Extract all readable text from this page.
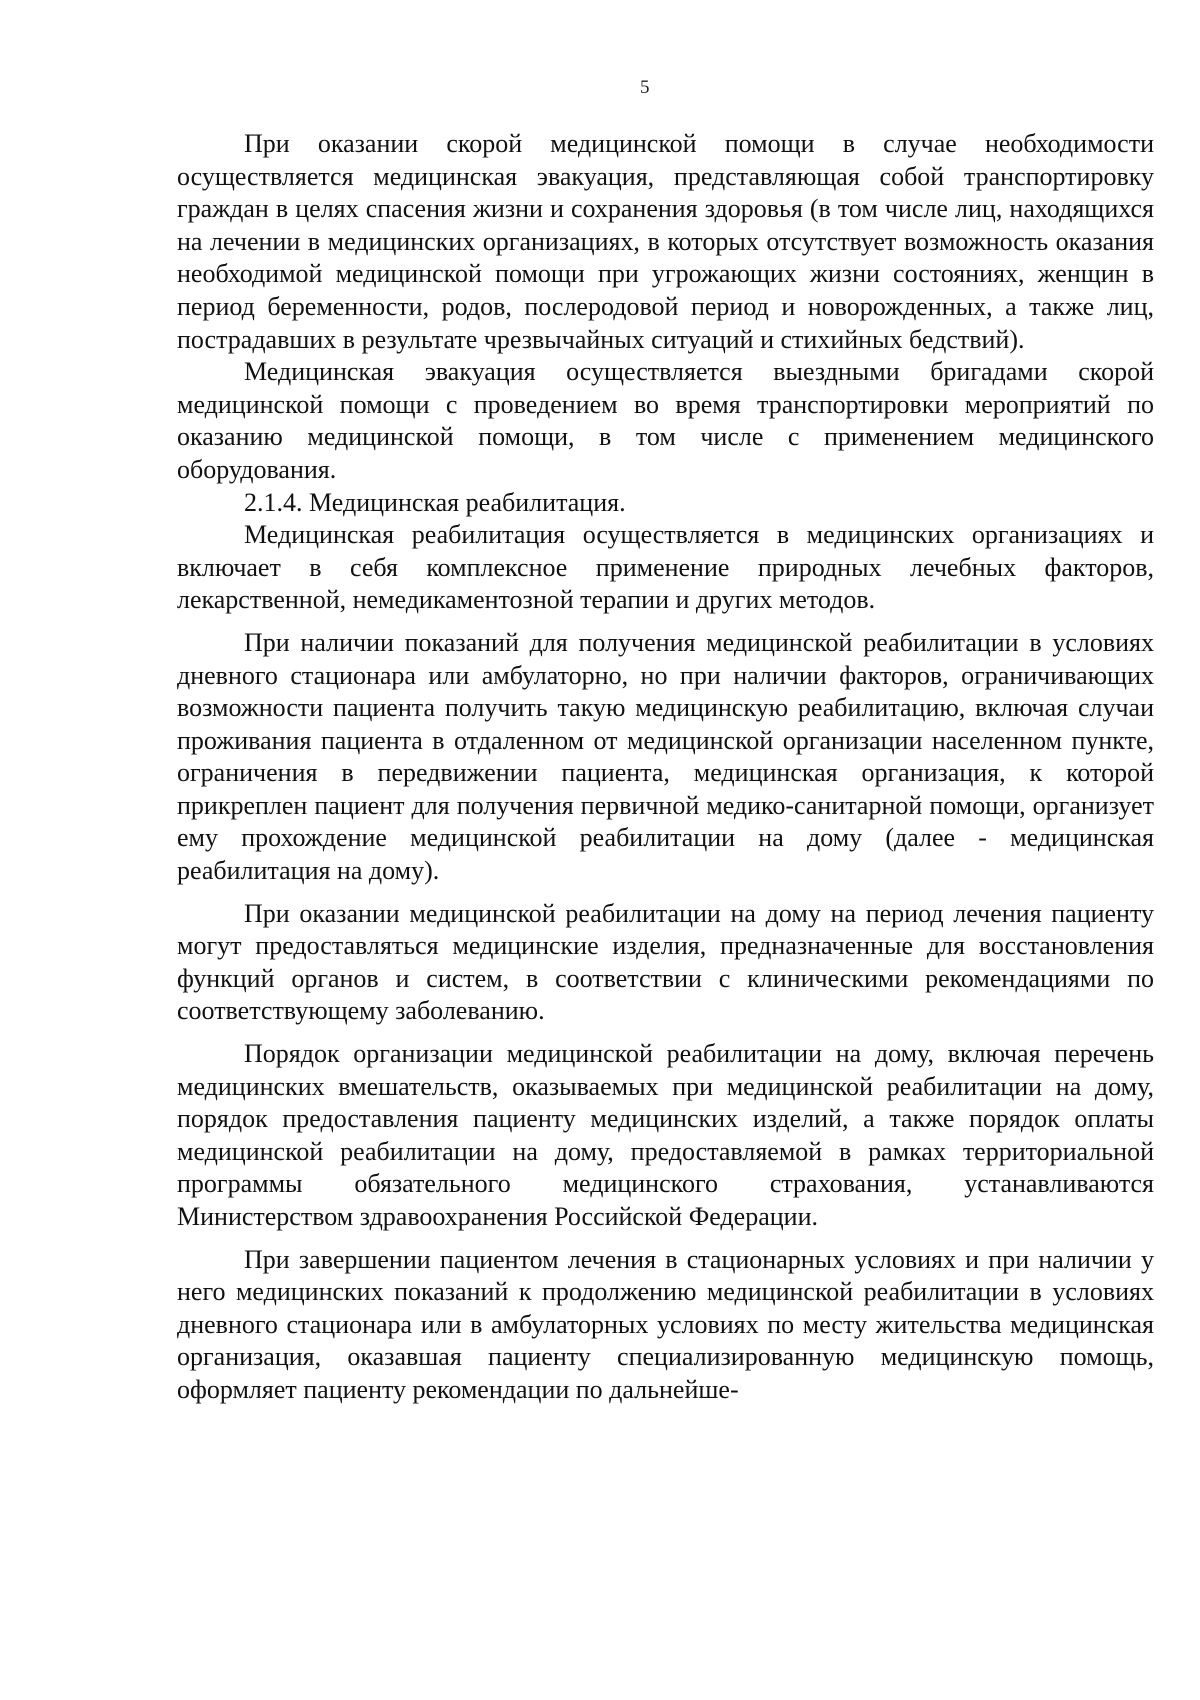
5

При оказании скорой медицинской помощи в случае необходимости осуществляется медицинская эвакуация, представляющая собой транспортировку граждан в целях спасения жизни и сохранения здоровья (в том числе лиц, находящихся на лечении в медицинских организациях, в которых отсутствует возможность оказания необходимой медицинской помощи при угрожающих жизни состояниях, женщин в период беременности, родов, послеродовой период и новорожденных, а также лиц, пострадавших в результате чрезвычайных ситуаций и стихийных бедствий).

Медицинская эвакуация осуществляется выездными бригадами скорой медицинской помощи с проведением во время транспортировки мероприятий по оказанию медицинской помощи, в том числе с применением медицинского оборудования.

2.1.4. Медицинская реабилитация.

Медицинская реабилитация осуществляется в медицинских организациях и включает в себя комплексное применение природных лечебных факторов, лекарственной, немедикаментозной терапии и других методов.

При наличии показаний для получения медицинской реабилитации в условиях дневного стационара или амбулаторно, но при наличии факторов, ограничивающих возможности пациента получить такую медицинскую реабилитацию, включая случаи проживания пациента в отдаленном от медицинской организации населенном пункте, ограничения в передвижении пациента, медицинская организация, к которой прикреплен пациент для получения первичной медико-санитарной помощи, организует ему прохождение медицинской реабилитации на дому (далее - медицинская реабилитация на дому).

При оказании медицинской реабилитации на дому на период лечения пациенту могут предоставляться медицинские изделия, предназначенные для восстановления функций органов и систем, в соответствии с клиническими рекомендациями по соответствующему заболеванию.

Порядок организации медицинской реабилитации на дому, включая перечень медицинских вмешательств, оказываемых при медицинской реабилитации на дому, порядок предоставления пациенту медицинских изделий, а также порядок оплаты медицинской реабилитации на дому, предоставляемой в рамках территориальной программы обязательного медицинского страхования, устанавливаются Министерством здравоохранения Российской Федерации.

При завершении пациентом лечения в стационарных условиях и при наличии у него медицинских показаний к продолжению медицинской реабилитации в условиях дневного стационара или в амбулаторных условиях по месту жительства медицинская организация, оказавшая пациенту специализированную медицинскую помощь, оформляет пациенту рекомендации по дальнейше-
